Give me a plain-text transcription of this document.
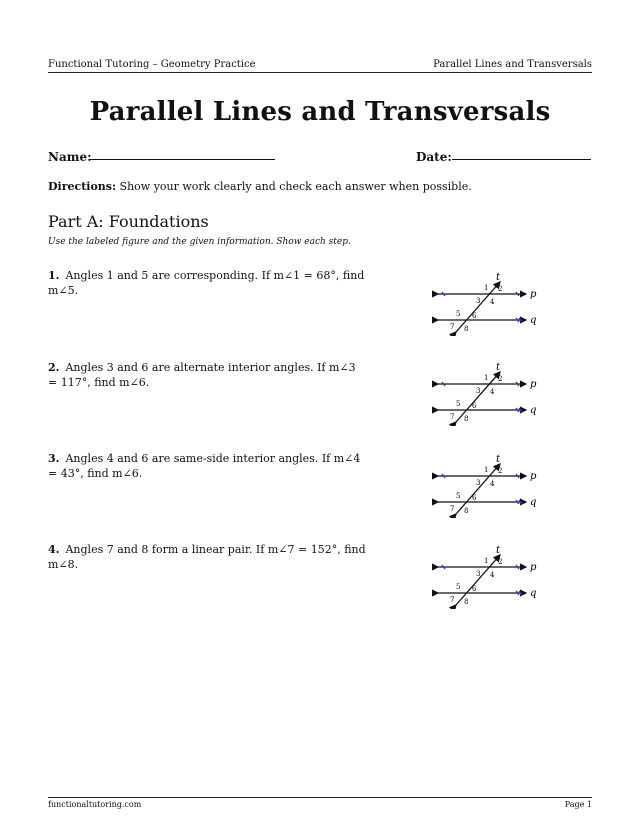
Functional Tutoring – Geometry Practice	Parallel Lines and Transversals
Parallel Lines and Transversals
Name:	Date:
Directions: Show your work clearly and check each answer when possible.
Part A: Foundations
Use the labeled figure and the given information. Show each step.
1. Angles 1 and 5 are corresponding. If m∠1 = 68°, find m∠5.
t
p
q
1 2
3 4
5 6
7 8
2. Angles 3 and 6 are alternate interior angles. If m∠3 = 117°, find m∠6.
t
p
q
1 2
3 4
5 6
7 8
3. Angles 4 and 6 are same-side interior angles. If m∠4 = 43°, find m∠6.
t
p
q
1 2
3 4
5 6
7 8
4. Angles 7 and 8 form a linear pair. If m∠7 = 152°, find m∠8.
t
p
q
1 2
3 4
5 6
7 8
functionaltutoring.com	Page 1
